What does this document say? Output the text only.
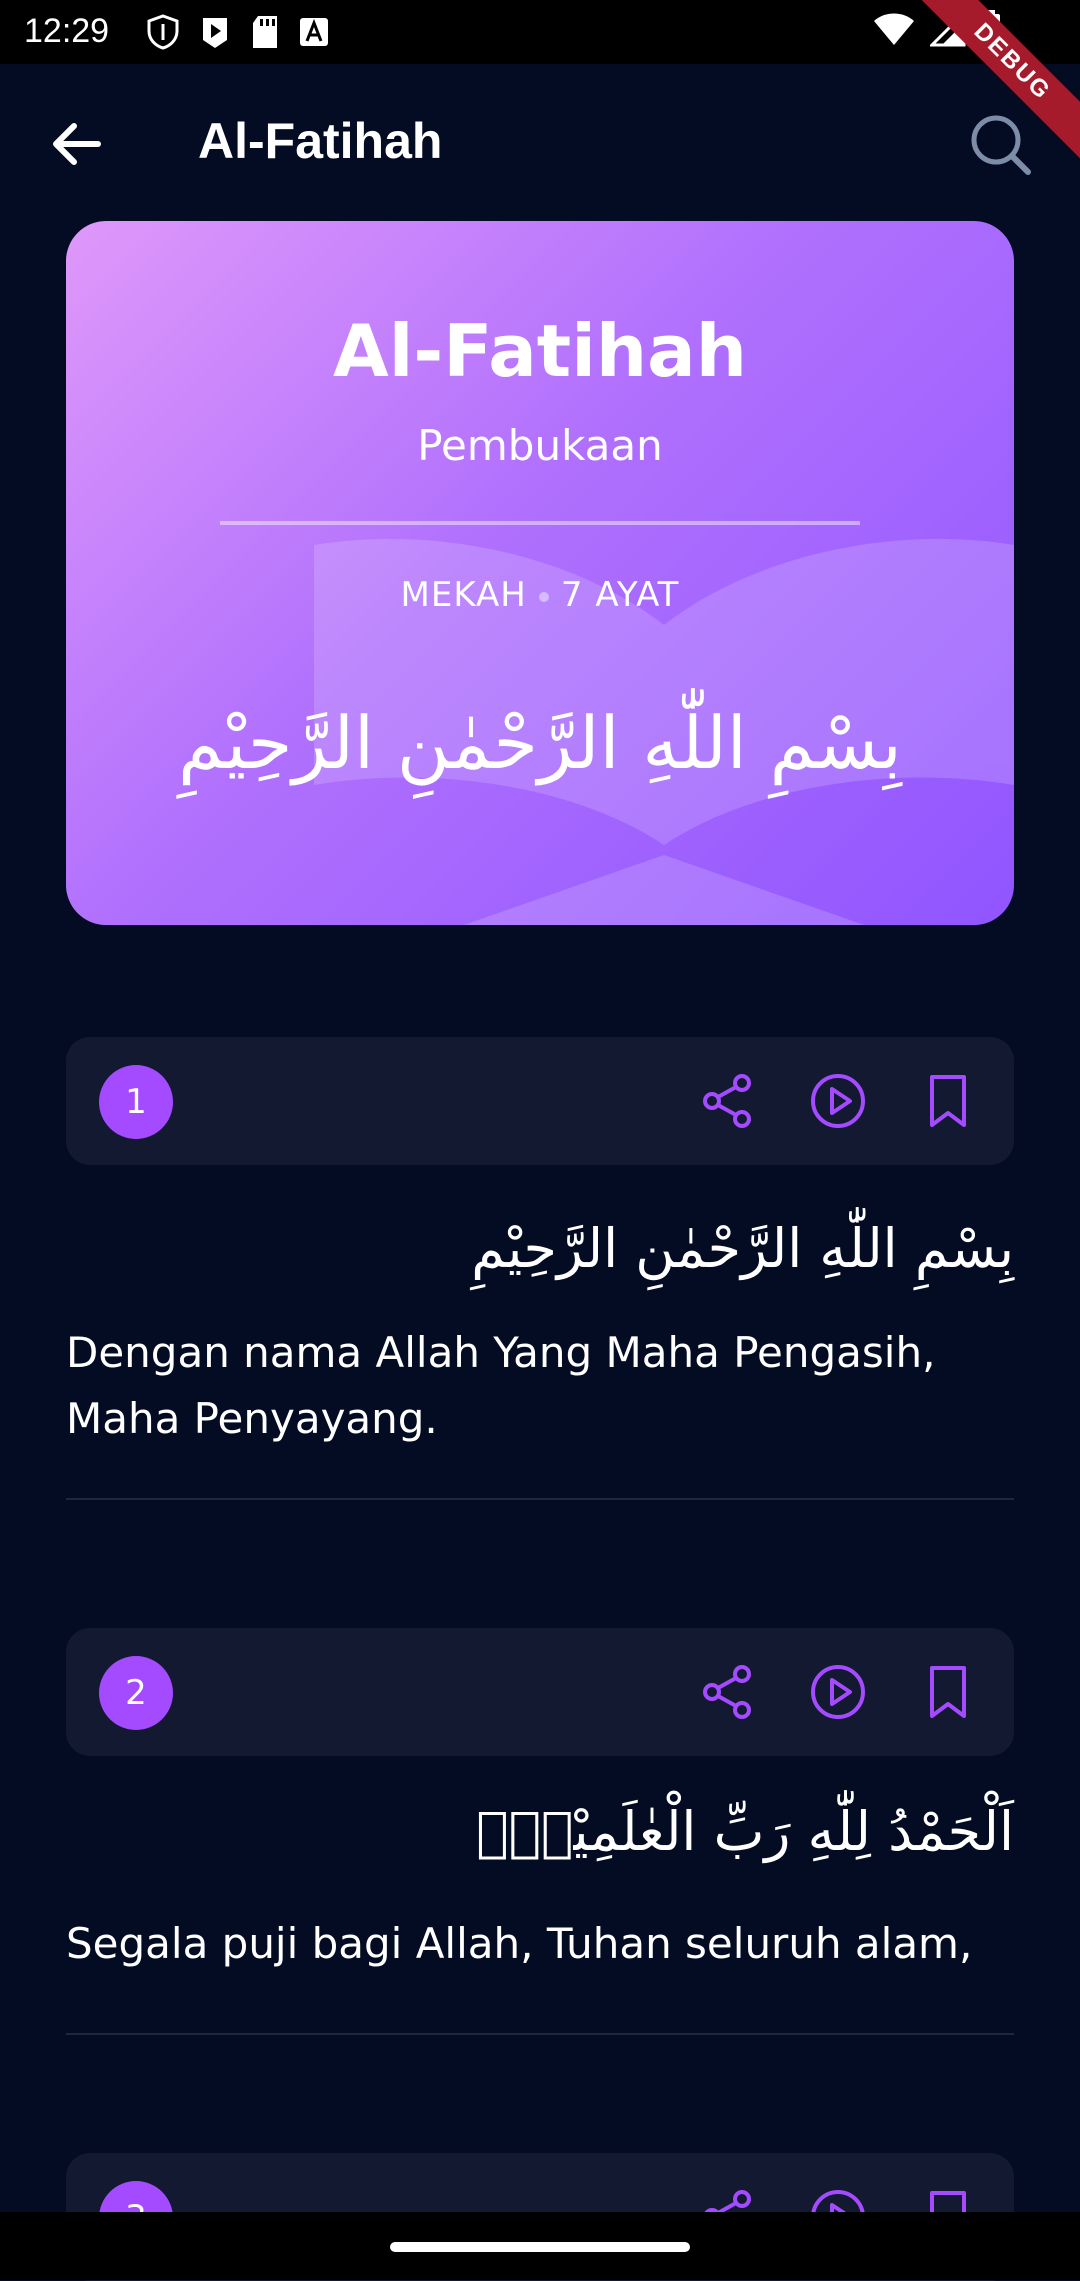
12:29	DEBUG
Al-Fatihah
Al-Fatihah
Pembukaan
MEKAH 7 AYAT
بِسْمِ اللّٰهِ الرَّحْمٰنِ الرَّحِيْمِ
1
بِسْمِ اللّٰهِ الرَّحْمٰنِ الرَّحِيْمِ
Dengan nama Allah Yang Maha Pengasih, Maha Penyayang.
2
اَلْحَمْدُ لِلّٰهِ رَبِّ الْعٰلَمِيْنَۙ
Segala puji bagi Allah, Tuhan seluruh alam,
